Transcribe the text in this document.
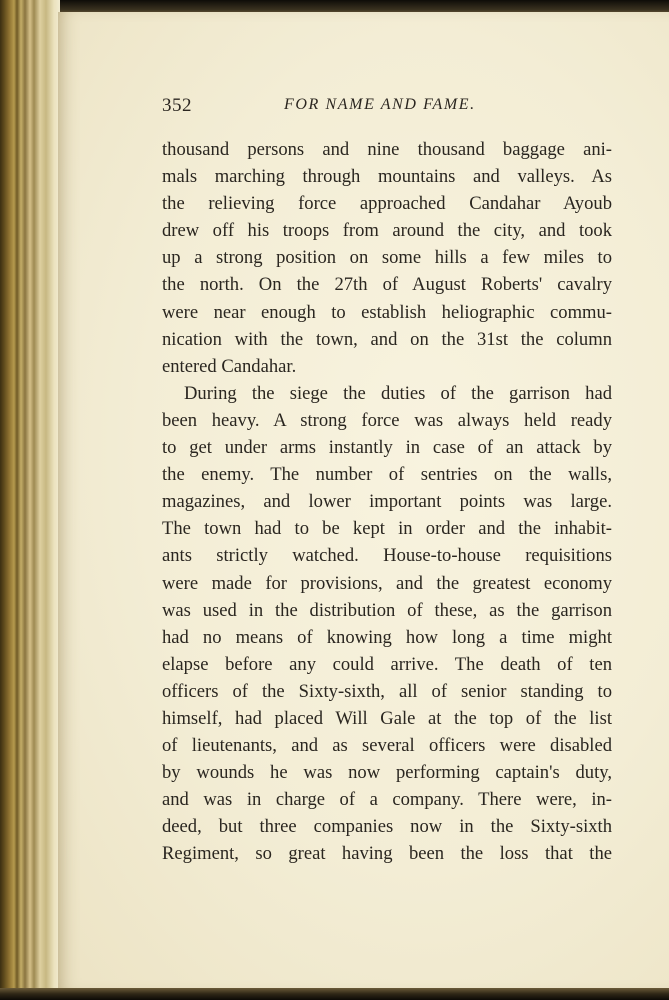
352	FOR NAME AND FAME.
thousand persons and nine thousand baggage ani-
mals marching through mountains and valleys. As
the relieving force approached Candahar Ayoub
drew off his troops from around the city, and took
up a strong position on some hills a few miles to
the north. On the 27th of August Roberts' cavalry
were near enough to establish heliographic commu-
nication with the town, and on the 31st the column
entered Candahar.
During the siege the duties of the garrison had
been heavy. A strong force was always held ready
to get under arms instantly in case of an attack by
the enemy. The number of sentries on the walls,
magazines, and lower important points was large.
The town had to be kept in order and the inhabit-
ants strictly watched. House-to-house requisitions
were made for provisions, and the greatest economy
was used in the distribution of these, as the garrison
had no means of knowing how long a time might
elapse before any could arrive. The death of ten
officers of the Sixty-sixth, all of senior standing to
himself, had placed Will Gale at the top of the list
of lieutenants, and as several officers were disabled
by wounds he was now performing captain's duty,
and was in charge of a company. There were, in-
deed, but three companies now in the Sixty-sixth
Regiment, so great having been the loss that the
